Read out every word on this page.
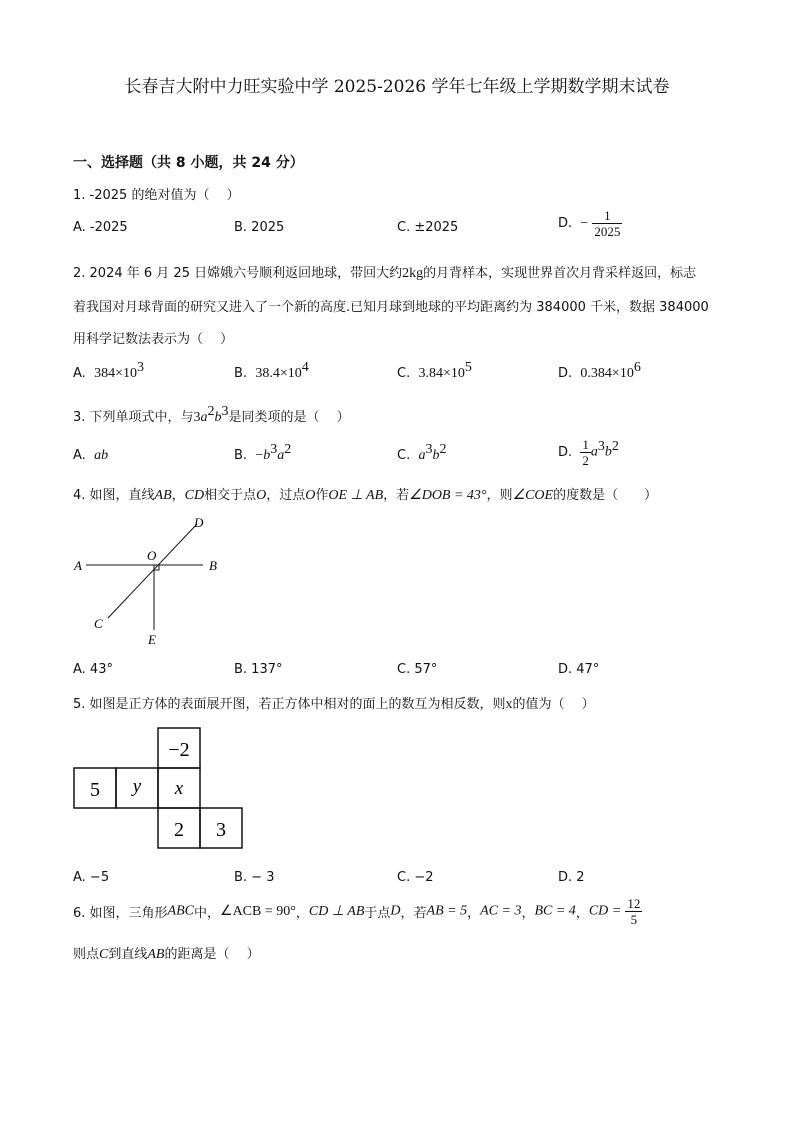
长春吉大附中力旺实验中学 2025-2026 学年七年级上学期数学期末试卷
一、选择题（共 8 小题，共 24 分）
1. -2025 的绝对值为（　 ）
A. -2025	B. 2025	C. ±2025	D. − $\frac{1}{2025}$
2. 2024 年 6 月 25 日嫦娥六号顺利返回地球，带回大约2kg的月背样本，实现世界首次月背采样返回，标志
着我国对月球背面的研究又进入了一个新的高度.已知月球到地球的平均距离约为 384000 千米，数据 384000
用科学记数法表示为（　 ）
A. $384\times 10^3$	B. $38.4\times 10^4$	C. $3.84\times 10^5$	D. $0.384\times 10^6$
3. 下列单项式中，与$3a^2b^3$是同类项的是（　 ）
A. ab	B. $-b^3a^2$	C. $a^3b^2$	D. $\frac{1}{2} a^3b^2$
4. 如图，直线AB，CD相交于点O，过点O作OE ⊥ AB，若∠DOB = 43°，则∠COE的度数是（　　）
A	B
C
D
E
O
A. 43°	B. 137°	C. 57°	D. 47°
5. 如图是正方体的表面展开图，若正方体中相对的面上的数互为相反数，则x的值为（　 ）
−2
5 y x
2 3
A. −5	B. − 3	C. −2	D. 2
6. 如图，三角形ABC中，∠ACB = 90°，CD ⊥ AB于点D，若AB = 5，AC = 3，BC = 4，CD = $\frac{12}{5}$
则点C到直线AB的距离是（　 ）
